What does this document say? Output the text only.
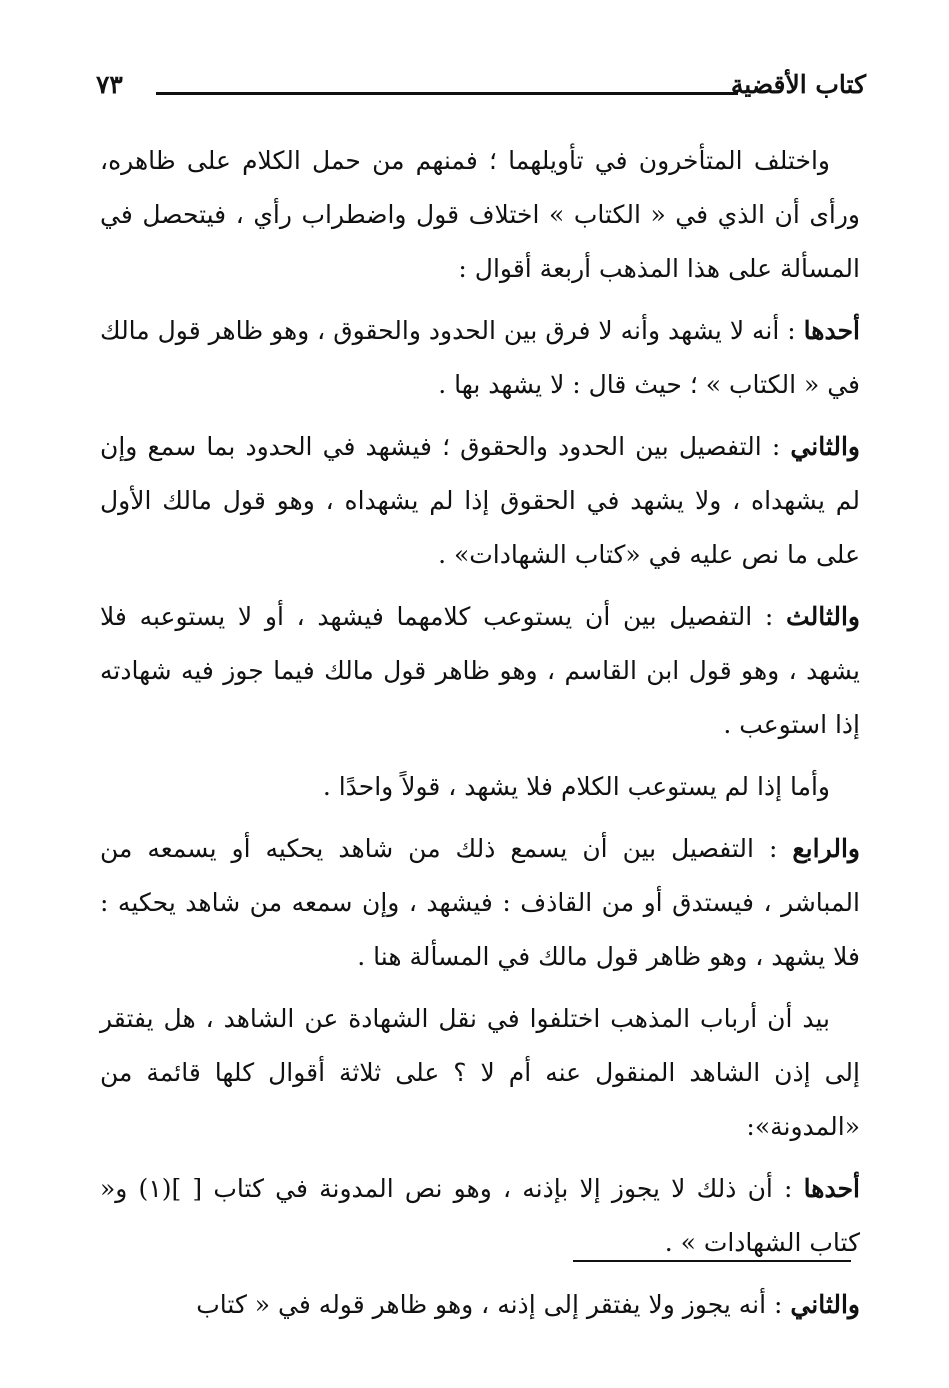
٧٣	كتاب الأقضية

واختلف المتأخرون في تأويلهما ؛ فمنهم من حمل الكلام على ظاهره، ورأى أن الذي في « الكتاب » اختلاف قول واضطراب رأي ، فيتحصل في المسألة على هذا المذهب أربعة أقوال :

أحدها : أنه لا يشهد وأنه لا فرق بين الحدود والحقوق ، وهو ظاهر قول مالك في « الكتاب » ؛ حيث قال : لا يشهد بها .

والثاني : التفصيل بين الحدود والحقوق ؛ فيشهد في الحدود بما سمع وإن لم يشهداه ، ولا يشهد في الحقوق إذا لم يشهداه ، وهو قول مالك الأول على ما نص عليه في «كتاب الشهادات» .

والثالث : التفصيل بين أن يستوعب كلامهما فيشهد ، أو لا يستوعبه فلا يشهد ، وهو قول ابن القاسم ، وهو ظاهر قول مالك فيما جوز فيه شهادته إذا استوعب .

وأما إذا لم يستوعب الكلام فلا يشهد ، قولاً واحدًا .

والرابع : التفصيل بين أن يسمع ذلك من شاهد يحكيه أو يسمعه من المباشر ، فيستدق أو من القاذف : فيشهد ، وإن سمعه من شاهد يحكيه : فلا يشهد ، وهو ظاهر قول مالك في المسألة هنا .

بيد أن أرباب المذهب اختلفوا في نقل الشهادة عن الشاهد ، هل يفتقر إلى إذن الشاهد المنقول عنه أم لا ؟ على ثلاثة أقوال كلها قائمة من «المدونة»:

أحدها : أن ذلك لا يجوز إلا بإذنه ، وهو نص المدونة في كتاب [ ](١) و« كتاب الشهادات » .

والثاني : أنه يجوز ولا يفتقر إلى إذنه ، وهو ظاهر قوله في « كتاب
